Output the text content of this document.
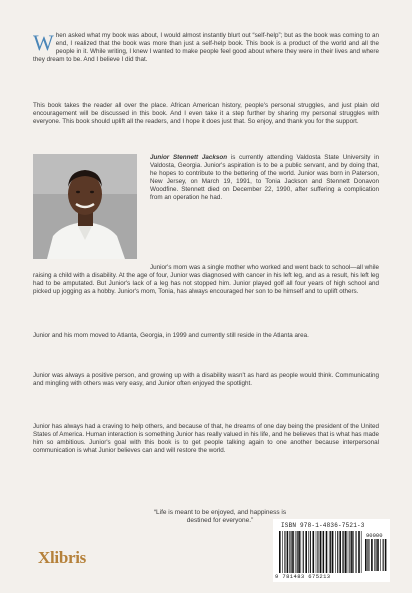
When asked what my book was about, I would almost instantly blurt out “self-help”; but as the book was coming to an end, I realized that the book was more than just a self-help book. This book is a product of the world and all the people in it. While writing, I knew I wanted to make people feel good about where they were in their lives and where they dream to be. And I believe I did that.
This book takes the reader all over the place. African American history, people's personal struggles, and just plain old encouragement will be discussed in this book. And I even take it a step further by sharing my personal struggles with everyone. This book should uplift all the readers, and I hope it does just that. So enjoy, and thank you for the support.
Junior Stennett Jackson is currently attending Valdosta State University in Valdosta, Georgia. Junior's aspiration is to be a public servant, and by doing that, he hopes to contribute to the bettering of the world. Junior was born in Paterson, New Jersey, on March 19, 1991, to Tonia Jackson and Stennett Donavon Woodfine. Stennett died on December 22, 1990, after suffering a complication from an operation he had.
Junior's mom was a single mother who worked and went back to school—all while raising a child with a disability. At the age of four, Junior was diagnosed with cancer in his left leg, and as a result, his left leg had to be amputated. But Junior's lack of a leg has not stopped him. Junior played golf all four years of high school and picked up jogging as a hobby. Junior's mom, Tonia, has always encouraged her son to be himself and to uplift others.
Junior and his mom moved to Atlanta, Georgia, in 1999 and currently still reside in the Atlanta area.
Junior was always a positive person, and growing up with a disability wasn't as hard as people would think. Communicating and mingling with others was very easy, and Junior often enjoyed the spotlight.
Junior has always had a craving to help others, and because of that, he dreams of one day being the president of the United States of America. Human interaction is something Junior has really valued in his life, and he believes that is what has made him so ambitious. Junior's goal with this book is to get people talking again to one another because interpersonal communication is what Junior believes can and will restore the world.
“Life is meant to be enjoyed, and happiness is destined for everyone.”
Xlibris
ISBN 978-1-4836-7521-3
90000
9 781483 675213
